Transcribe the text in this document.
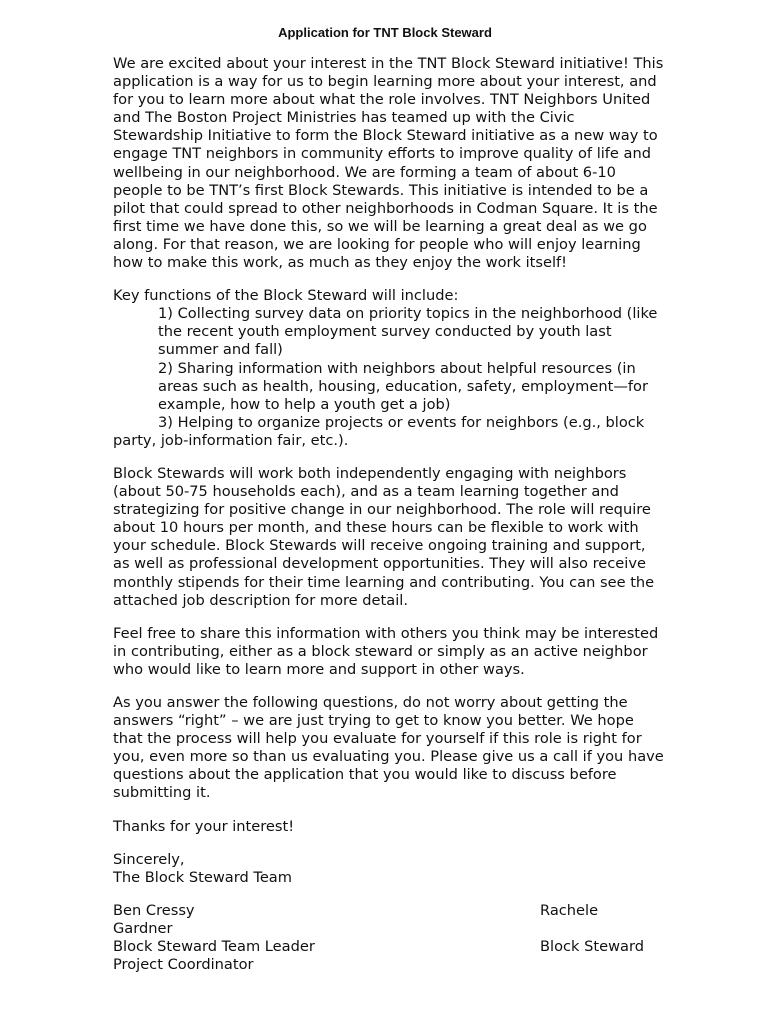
Application for TNT Block Steward

We are excited about your interest in the TNT Block Steward initiative! This application is a way for us to begin learning more about your interest, and for you to learn more about what the role involves. TNT Neighbors United and The Boston Project Ministries has teamed up with the Civic Stewardship Initiative to form the Block Steward initiative as a new way to engage TNT neighbors in community efforts to improve quality of life and wellbeing in our neighborhood. We are forming a team of about 6-10 people to be TNT’s first Block Stewards. This initiative is intended to be a pilot that could spread to other neighborhoods in Codman Square. It is the first time we have done this, so we will be learning a great deal as we go along. For that reason, we are looking for people who will enjoy learning how to make this work, as much as they enjoy the work itself!

Key functions of the Block Steward will include:
1) Collecting survey data on priority topics in the neighborhood (like the recent youth employment survey conducted by youth last summer and fall)
2) Sharing information with neighbors about helpful resources (in areas such as health, housing, education, safety, employment—for example, how to help a youth get a job)
3) Helping to organize projects or events for neighbors (e.g., block party, job-information fair, etc.).

Block Stewards will work both independently engaging with neighbors (about 50-75 households each), and as a team learning together and strategizing for positive change in our neighborhood. The role will require about 10 hours per month, and these hours can be flexible to work with your schedule. Block Stewards will receive ongoing training and support, as well as professional development opportunities. They will also receive monthly stipends for their time learning and contributing. You can see the attached job description for more detail.

Feel free to share this information with others you think may be interested in contributing, either as a block steward or simply as an active neighbor who would like to learn more and support in other ways.

As you answer the following questions, do not worry about getting the answers “right” – we are just trying to get to know you better. We hope that the process will help you evaluate for yourself if this role is right for you, even more so than us evaluating you. Please give us a call if you have questions about the application that you would like to discuss before submitting it.

Thanks for your interest!

Sincerely,
The Block Steward Team
Ben Cressy
Gardner
Block Steward Team Leader
Project Coordinator
Rachele
Block Steward
